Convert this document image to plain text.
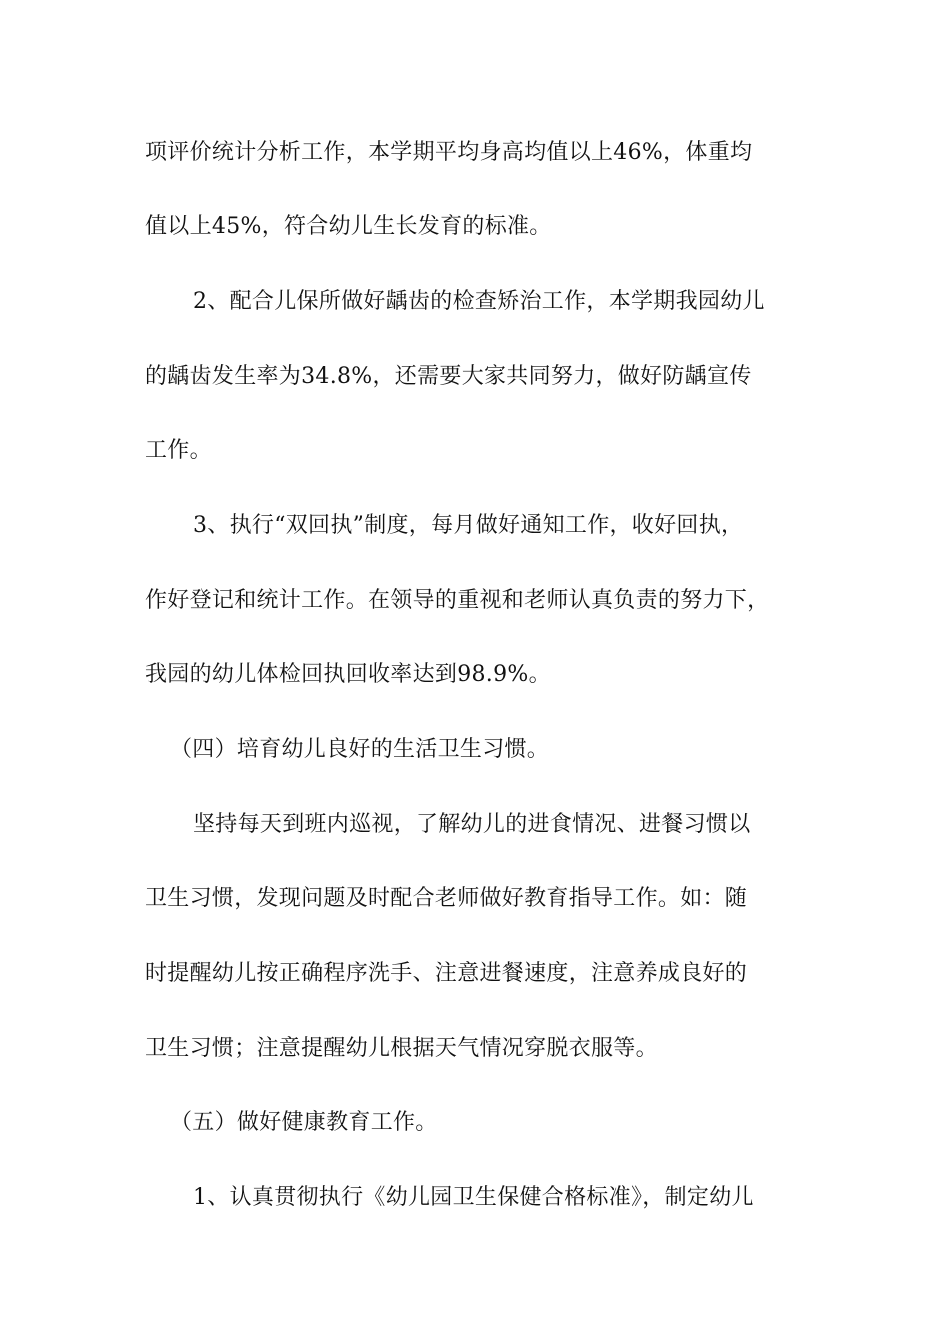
项评价统计分析工作，本学期平均身高均值以上46%，体重均
值以上45%，符合幼儿生长发育的标准。
2、配合儿保所做好龋齿的检查矫治工作，本学期我园幼儿
的龋齿发生率为34.8%，还需要大家共同努力，做好防龋宣传
工作。
3、执行“双回执”制度，每月做好通知工作，收好回执，
作好登记和统计工作。在领导的重视和老师认真负责的努力下，
我园的幼儿体检回执回收率达到98.9%。
（四）培育幼儿良好的生活卫生习惯。
坚持每天到班内巡视，了解幼儿的进食情况、进餐习惯以
卫生习惯，发现问题及时配合老师做好教育指导工作。如：随
时提醒幼儿按正确程序洗手、注意进餐速度，注意养成良好的
卫生习惯；注意提醒幼儿根据天气情况穿脱衣服等。
（五）做好健康教育工作。
1、认真贯彻执行《幼儿园卫生保健合格标准》，制定幼儿
